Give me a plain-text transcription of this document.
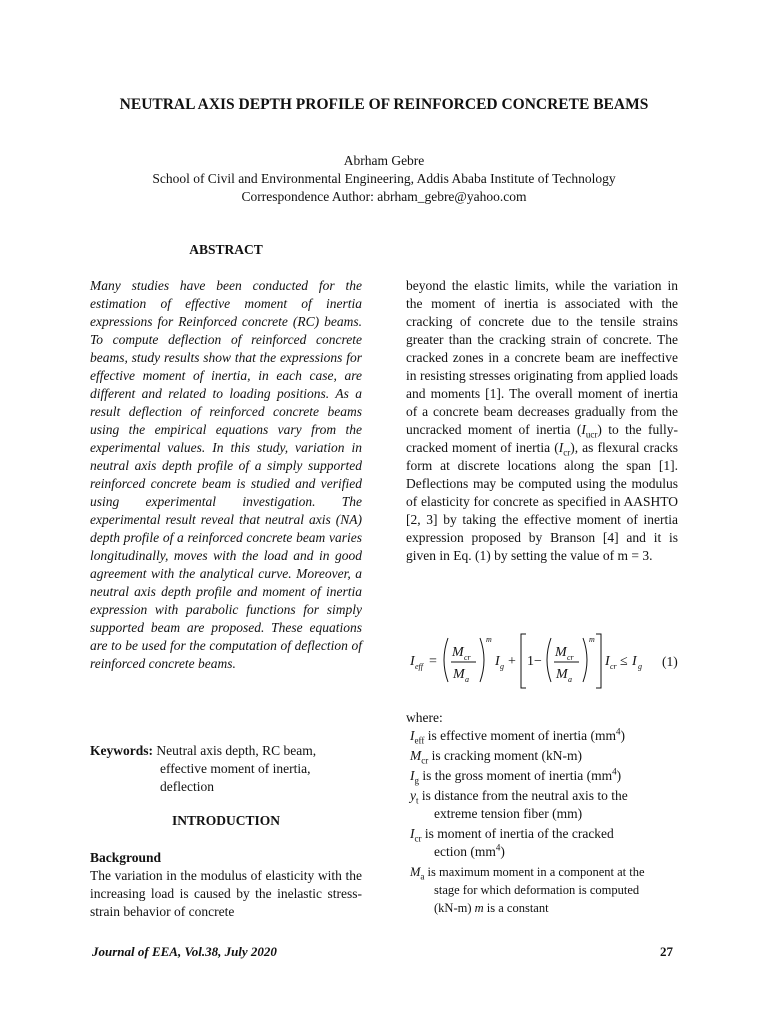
NEUTRAL AXIS DEPTH PROFILE OF REINFORCED CONCRETE BEAMS
Abrham Gebre
School of Civil and Environmental Engineering, Addis Ababa Institute of Technology
Correspondence Author: abrham_gebre@yahoo.com
ABSTRACT
Many studies have been conducted for the estimation of effective moment of inertia expressions for Reinforced concrete (RC) beams. To compute deflection of reinforced concrete beams, study results show that the expressions for effective moment of inertia, in each case, are different and related to loading positions. As a result deflection of reinforced concrete beams using the empirical equations vary from the experimental values. In this study, variation in neutral axis depth profile of a simply supported reinforced concrete beam is studied and verified using experimental investigation. The experimental result reveal that neutral axis (NA) depth profile of a reinforced concrete beam varies longitudinally, moves with the load and in good agreement with the analytical curve. Moreover, a neutral axis depth profile and moment of inertia expression with parabolic functions for simply supported beam are proposed. These equations are to be used for the computation of deflection of reinforced concrete beams.
Keywords: Neutral axis depth, RC beam,
effective moment of inertia, deflection
INTRODUCTION
Background
The variation in the modulus of elasticity with the increasing load is caused by the inelastic stress-strain behavior of concrete
beyond the elastic limits, while the variation in the moment of inertia is associated with the cracking of concrete due to the tensile strains greater than the cracking strain of concrete. The cracked zones in a concrete beam are ineffective in resisting stresses originating from applied loads and moments [1]. The overall moment of inertia of a concrete beam decreases gradually from the uncracked moment of inertia $(I_{ucr})$ to the fully-cracked moment of inertia $(I_{cr})$, as flexural cracks form at discrete locations along the span [1]. Deflections may be computed using the modulus of elasticity for concrete as specified in AASHTO [2, 3] by taking the effective moment of inertia expression proposed by Branson [4] and it is given in Eq. (1) by setting the value of m = 3.
I eff =
M cr
M a
m
I g + 1−
M cr
M a
m
I cr ≤ I g (1)
where:
$I_{eff}$ is effective moment of inertia $(mm^4)$
$M_{cr}$ is cracking moment (kN-m)
$I_g$ is the gross moment of inertia $(mm^4)$
$y_t$ is distance from the neutral axis to the
extreme tension fiber (mm)
$I_{cr}$ is moment of inertia of the cracked
ection $(mm^4)$
$M_a$ is maximum moment in a component at the
stage for which deformation is computed
(kN-m) m is a constant
Journal of EEA, Vol.38, July 2020	27
